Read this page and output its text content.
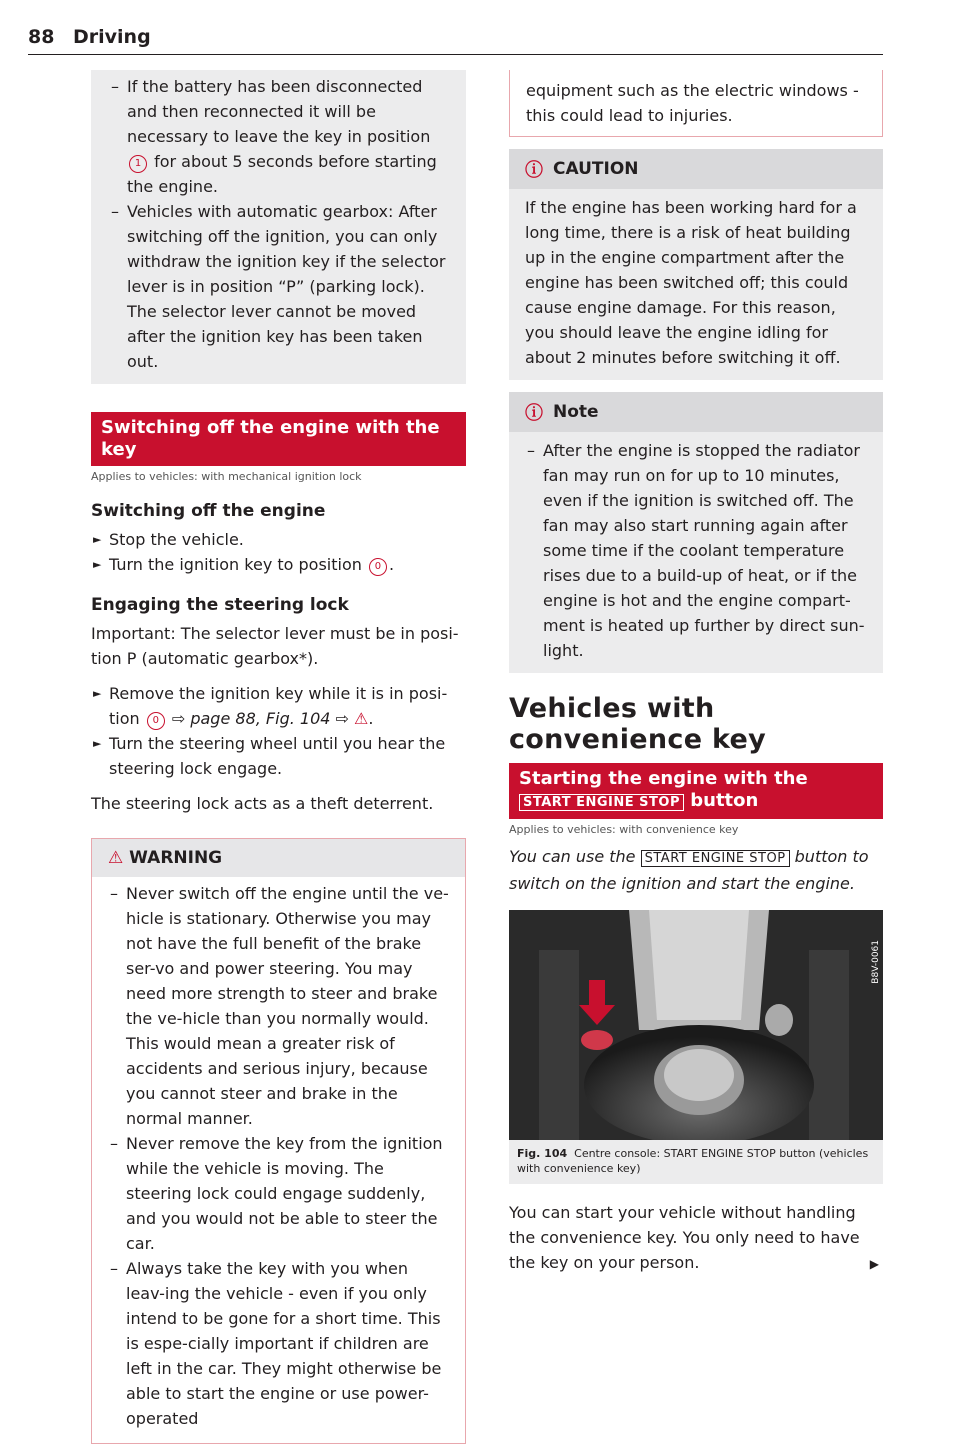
88 Driving
– If the battery has been disconnected and then reconnected it will be necessary to leave the key in position 1 for about 5 seconds before starting the engine.
– Vehicles with automatic gearbox: After switching off the ignition, you can only withdraw the ignition key if the selector lever is in position “P” (parking lock). The selector lever cannot be moved after the ignition key has been taken out.
Switching off the engine with the key

Applies to vehicles: with mechanical ignition lock

Switching off the engine
► Stop the vehicle.
► Turn the ignition key to position 0 .
Engaging the steering lock

Important: The selector lever must be in posi-tion P (automatic gearbox*).

► Remove the ignition key while it is in posi-tion 0 ⇨ page 88, Fig. 104 ⇨ ⚠.
► Turn the steering wheel until you hear the steering lock engage.

The steering lock acts as a theft deterrent.

⚠ WARNING
– Never switch off the engine until the ve-hicle is stationary. Otherwise you may not have the full benefit of the brake ser-vo and power steering. You may need more strength to steer and brake the ve-hicle than you normally would. This would mean a greater risk of accidents and serious injury, because you cannot steer and brake in the normal manner.
– Never remove the key from the ignition while the vehicle is moving. The steering lock could engage suddenly, and you would not be able to steer the car.
– Always take the key with you when leav-ing the vehicle - even if you only intend to be gone for a short time. This is espe-cially important if children are left in the car. They might otherwise be able to start the engine or use power-operated

equipment such as the electric windows - this could lead to injuries.

ⓘ CAUTION

If the engine has been working hard for a long time, there is a risk of heat building up in the engine compartment after the engine has been switched off; this could cause engine damage. For this reason, you should leave the engine idling for about 2 minutes before switching it off.

ⓘ Note
– After the engine is stopped the radiator fan may run on for up to 10 minutes, even if the ignition is switched off. The fan may also start running again after some time if the coolant temperature rises due to a build-up of heat, or if the engine is hot and the engine compart-ment is heated up further by direct sun-light.
Vehicles with convenience key
Starting the engine with the
START ENGINE STOP button

Applies to vehicles: with convenience key

You can use the START ENGINE STOP button to switch on the ignition and start the engine.
B8V-0061
Fig. 104 Centre console: START ENGINE STOP button (vehicles with convenience key)

You can start your vehicle without handling the convenience key. You only need to have the key on your person.	▶
